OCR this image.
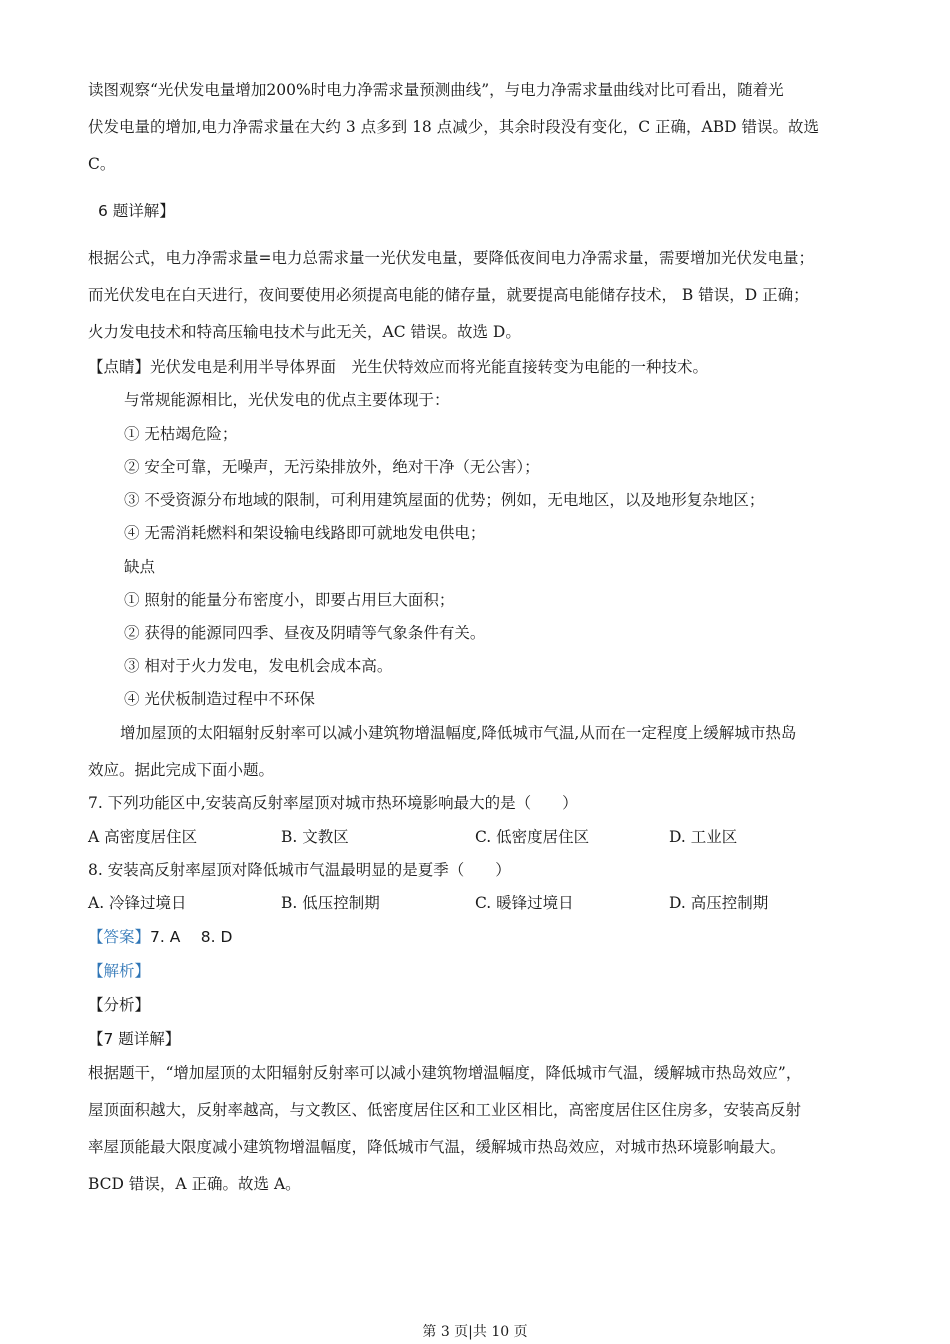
读图观察“光伏发电量增加200%时电力净需求量预测曲线”，与电力净需求量曲线对比可看出，随着光
伏发电量的增加,电力净需求量在大约 3 点多到 18 点减少，其余时段没有变化，C 正确，ABD 错误。故选
C。
6 题详解】
根据公式，电力净需求量=电力总需求量一光伏发电量，要降低夜间电力净需求量，需要增加光伏发电量；
而光伏发电在白天进行，夜间要使用必须提高电能的储存量，就要提高电能储存技术， B 错误，D 正确；
火力发电技术和特高压输电技术与此无关，AC 错误。故选 D。
【点睛】光伏发电是利用半导体界面　光生伏特效应而将光能直接转变为电能的一种技术。
与常规能源相比，光伏发电的优点主要体现于：
① 无枯竭危险；
② 安全可靠，无噪声，无污染排放外，绝对干净（无公害）；
③ 不受资源分布地域的限制，可利用建筑屋面的优势；例如，无电地区，以及地形复杂地区；
④ 无需消耗燃料和架设输电线路即可就地发电供电；
缺点
① 照射的能量分布密度小，即要占用巨大面积；
② 获得的能源同四季、昼夜及阴晴等气象条件有关。
③ 相对于火力发电，发电机会成本高。
④ 光伏板制造过程中不环保
增加屋顶的太阳辐射反射率可以减小建筑物增温幅度,降低城市气温,从而在一定程度上缓解城市热岛
效应。据此完成下面小题。
7. 下列功能区中,安装高反射率屋顶对城市热环境影响最大的是（　　）
A 高密度居住区	B. 文教区	C. 低密度居住区	D. 工业区
8. 安装高反射率屋顶对降低城市气温最明显的是夏季（　　）
A. 冷锋过境日	B. 低压控制期	C. 暖锋过境日	D. 高压控制期
【答案】7. A　 8. D
【解析】
【分析】
【7 题详解】
根据题干，“增加屋顶的太阳辐射反射率可以减小建筑物增温幅度，降低城市气温，缓解城市热岛效应”，
屋顶面积越大，反射率越高，与文教区、低密度居住区和工业区相比，高密度居住区住房多，安装高反射
率屋顶能最大限度减小建筑物增温幅度，降低城市气温，缓解城市热岛效应，对城市热环境影响最大。
BCD 错误，A 正确。故选 A。
第 3 页|共 10 页
